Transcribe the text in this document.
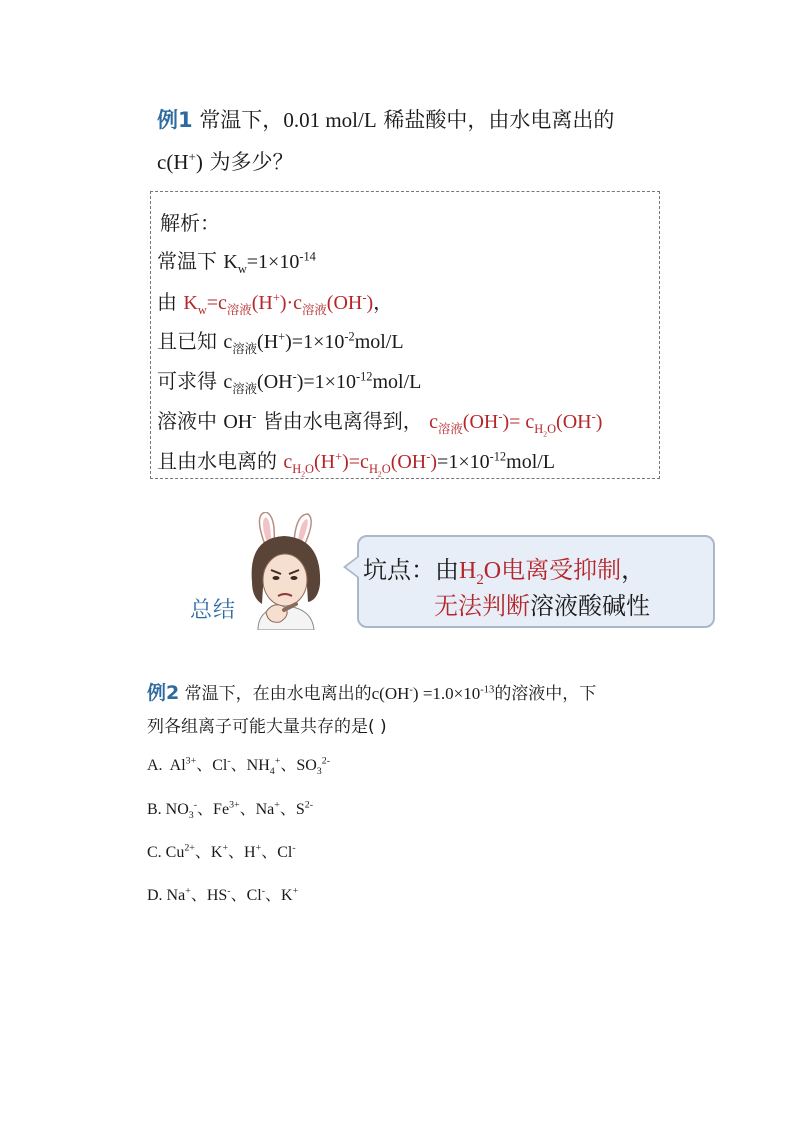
例1 常温下，0.01 mol/L 稀盐酸中，由水电离出的
c(H+) 为多少？
解析：
常温下 $K_w=1\times 10^{-14}$
由 $K_w=c_{溶液}(H^+)\cdot c_{溶液}(OH^-)$，
且已知 $c_{溶液}(H^+)=1\times 10^{-2}mol/L$
可求得 $c_{溶液}(OH^-)=1\times 10^{-12}mol/L$
溶液中 OH- 皆由水电离得到， $c_{溶液}(OH^-)= c_{H_2O}(OH^-)$
且由水电离的 $c_{H_2O}(H^+)=c_{H_2O}(OH^-)=1\times 10^{-12}mol/L$
总结
坑点：由$H_2O$电离受抑制，
无法判断溶液酸碱性
例2 常温下，在由水电离出的$c(OH^-) =1.0\times 10^{-13}$的溶液中，下
列各组离子可能大量共存的是( )
A.  $Al^{3+}$、Cl-、$NH_4^+$、$SO_3^{2-}$
B. $NO_3^-$、$Fe^{3+}$、Na+、$S^{2-}$
C. $Cu^{2+}$、K+、H+、Cl-
D. Na+、HS-、Cl-、K+
